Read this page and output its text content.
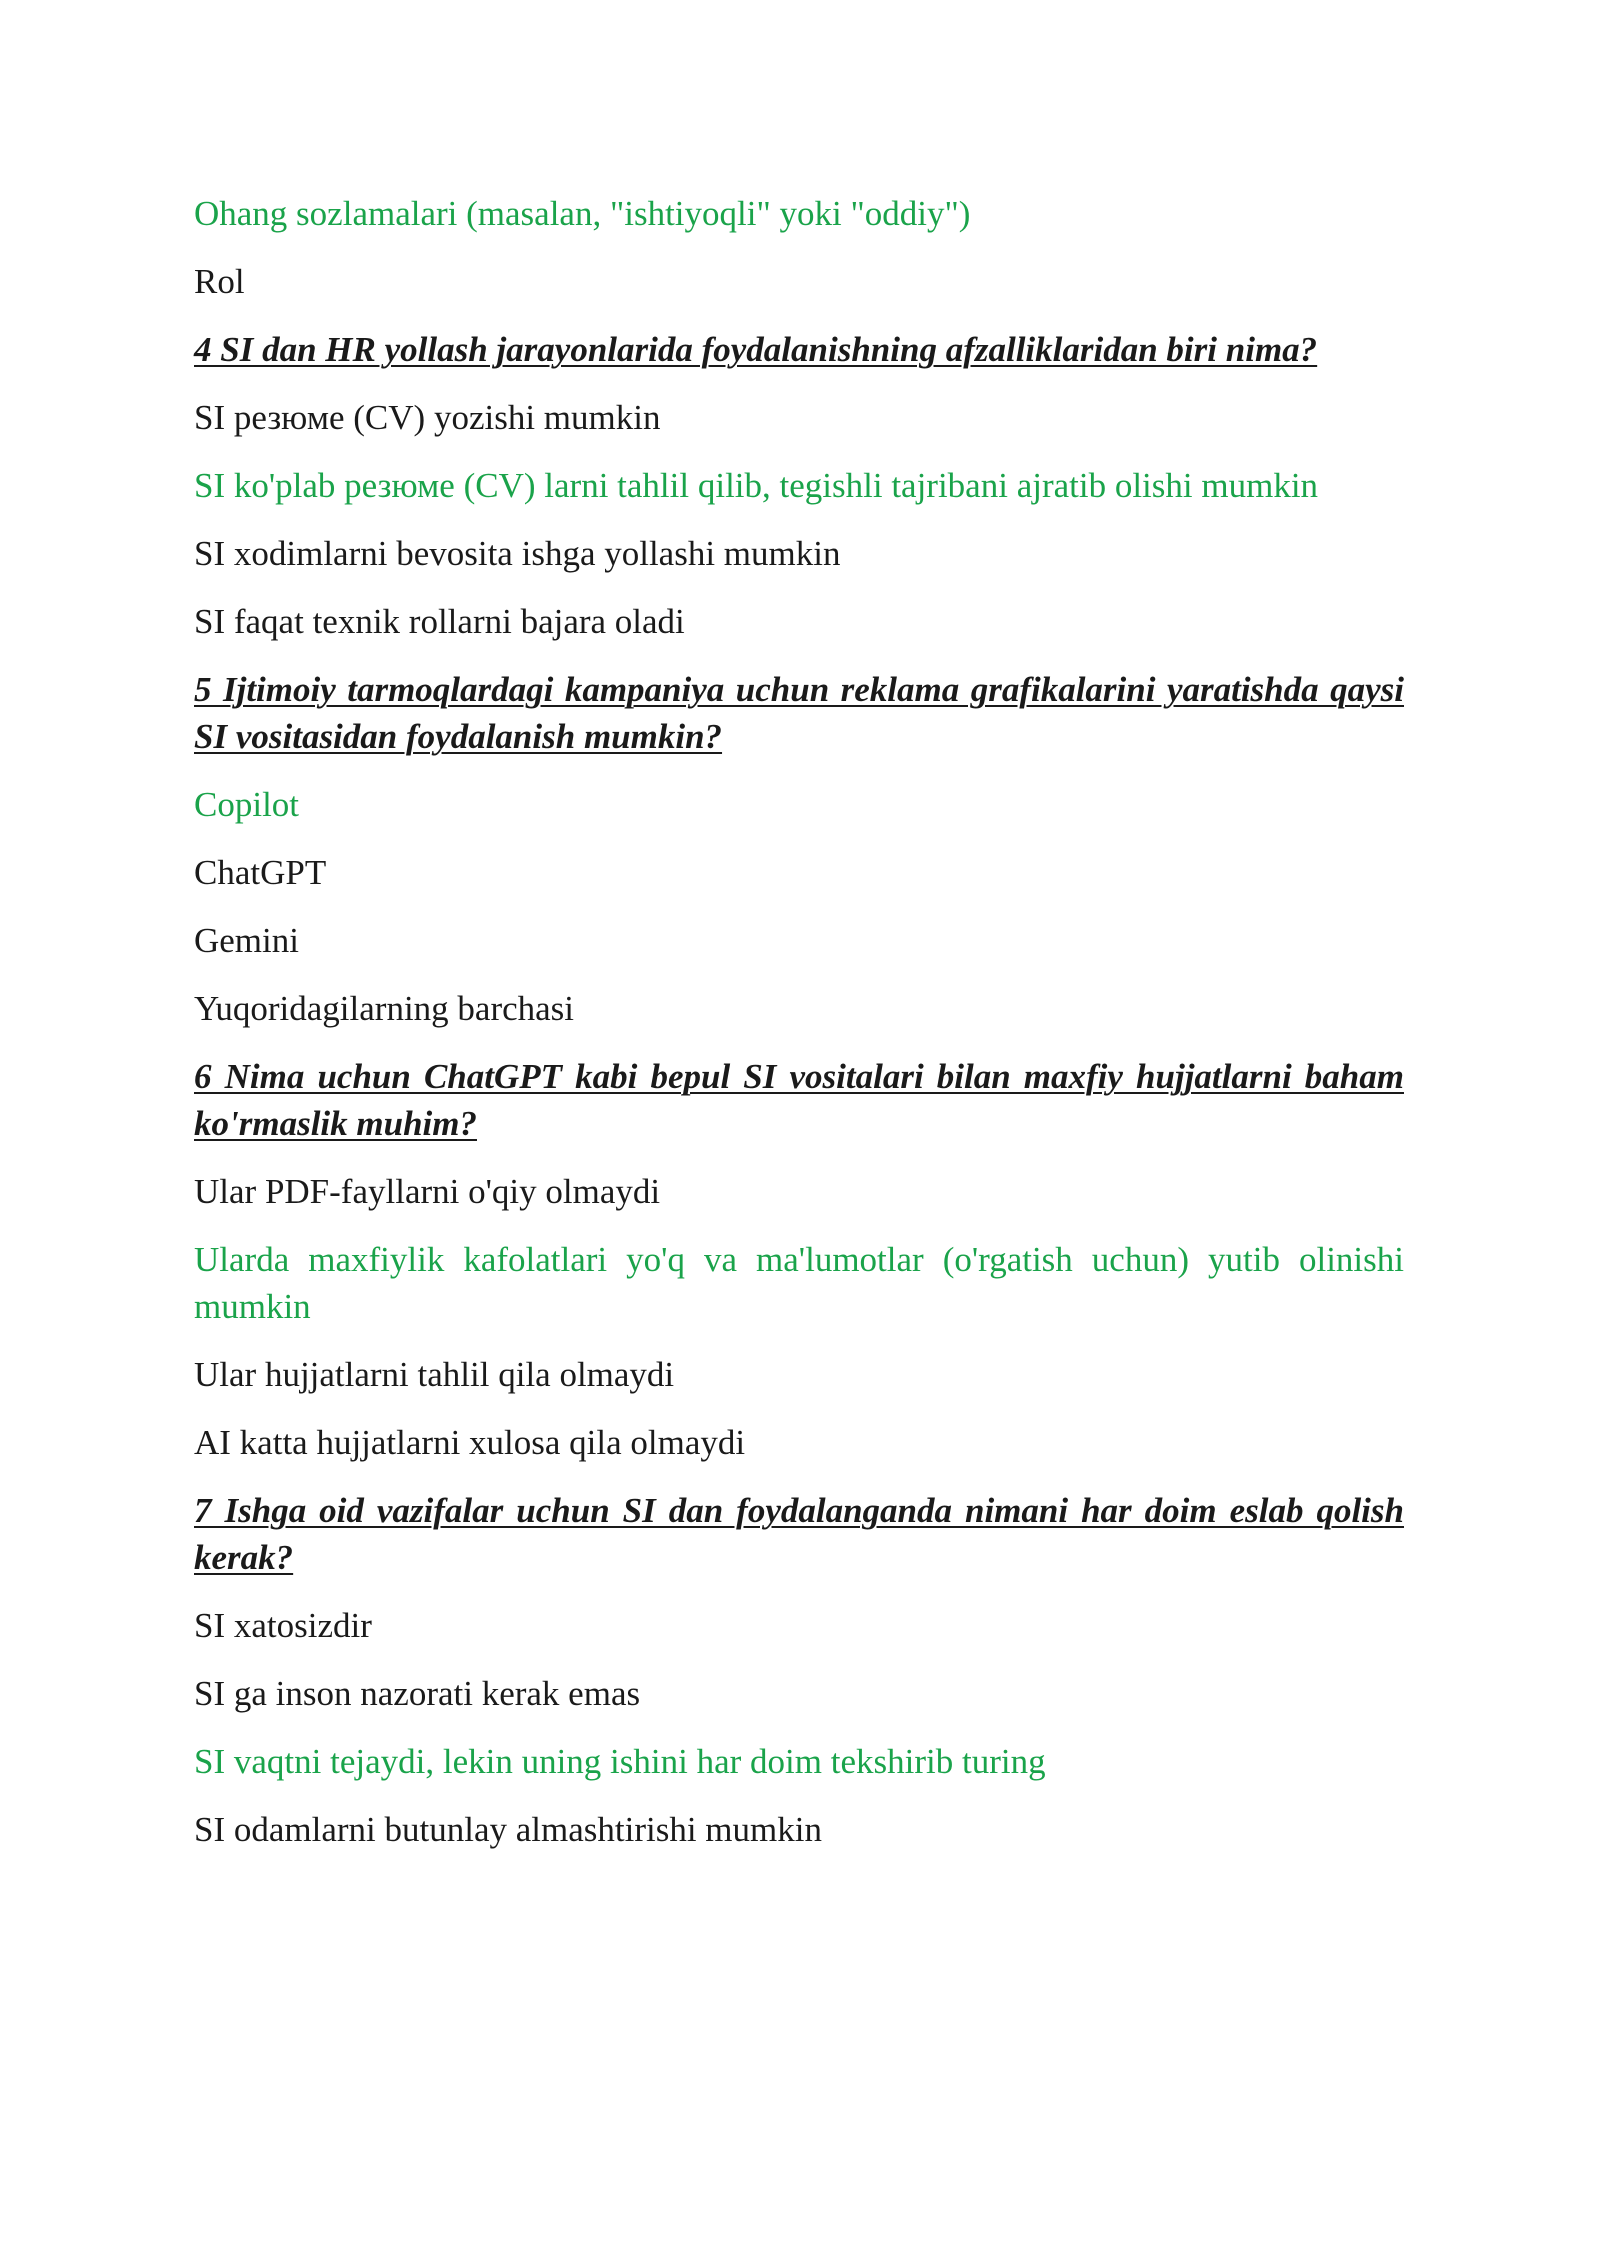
Ohang sozlamalari (masalan, "ishtiyoqli" yoki "oddiy")

Rol

4 SI dan HR yollash jarayonlarida foydalanishning afzalliklaridan biri nima?

SI резюме (CV) yozishi mumkin

SI ko'plab резюме (CV) larni tahlil qilib, tegishli tajribani ajratib olishi mumkin

SI xodimlarni bevosita ishga yollashi mumkin

SI faqat texnik rollarni bajara oladi

5 Ijtimoiy tarmoqlardagi kampaniya uchun reklama grafikalarini yaratishda qaysi SI vositasidan foydalanish mumkin?

Copilot

ChatGPT

Gemini

Yuqoridagilarning barchasi

6 Nima uchun ChatGPT kabi bepul SI vositalari bilan maxfiy hujjatlarni baham ko'rmaslik muhim?

Ular PDF-fayllarni o'qiy olmaydi

Ularda maxfiylik kafolatlari yo'q va ma'lumotlar (o'rgatish uchun) yutib olinishi mumkin

Ular hujjatlarni tahlil qila olmaydi

AI katta hujjatlarni xulosa qila olmaydi

7 Ishga oid vazifalar uchun SI dan foydalanganda nimani har doim eslab qolish kerak?

SI xatosizdir

SI ga inson nazorati kerak emas

SI vaqtni tejaydi, lekin uning ishini har doim tekshirib turing

SI odamlarni butunlay almashtirishi mumkin
